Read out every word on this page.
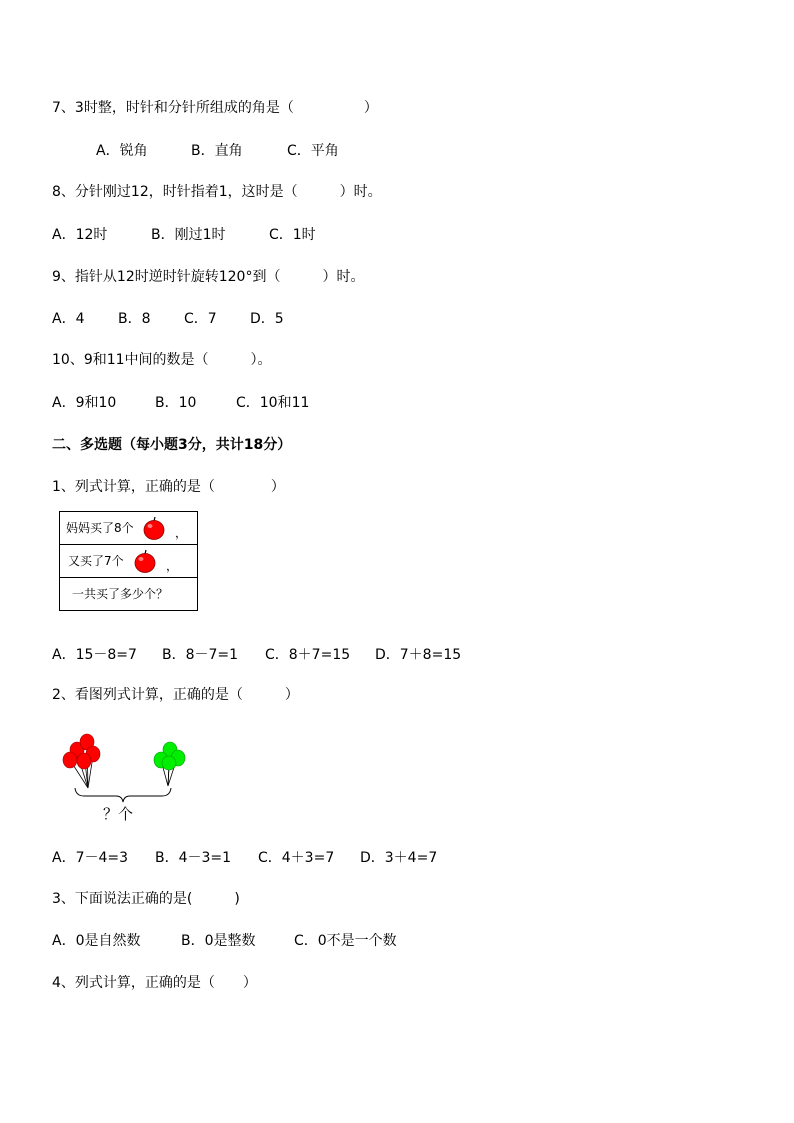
7、3时整，时针和分针所组成的角是（　　　　　）
A．锐角	B．直角	C．平角
8、分针刚过12，时针指着1，这时是（　　　）时。
A．12时	B．刚过1时	C．1时
9、指针从12时逆时针旋转120°到（　　　）时。
A．4 B．8 C．7 D．5
10、9和11中间的数是（　　　）。
A．9和10	B．10	C．10和11
二、多选题（每小题3分，共计18分）
1、列式计算，正确的是（　　　　）
妈妈买了8个	，
又买了7个	，
一共买了多少个？
A．15－8=7 B．8－7=1 C．8＋7=15 D．7＋8=15
2、看图列式计算，正确的是（　　　）
？个
A．7－4=3 B．4－3=1 C．4＋3=7 D．3＋4=7
3、下面说法正确的是(　　　)
A．0是自然数	B．0是整数	C．0不是一个数
4、列式计算，正确的是（　　）
